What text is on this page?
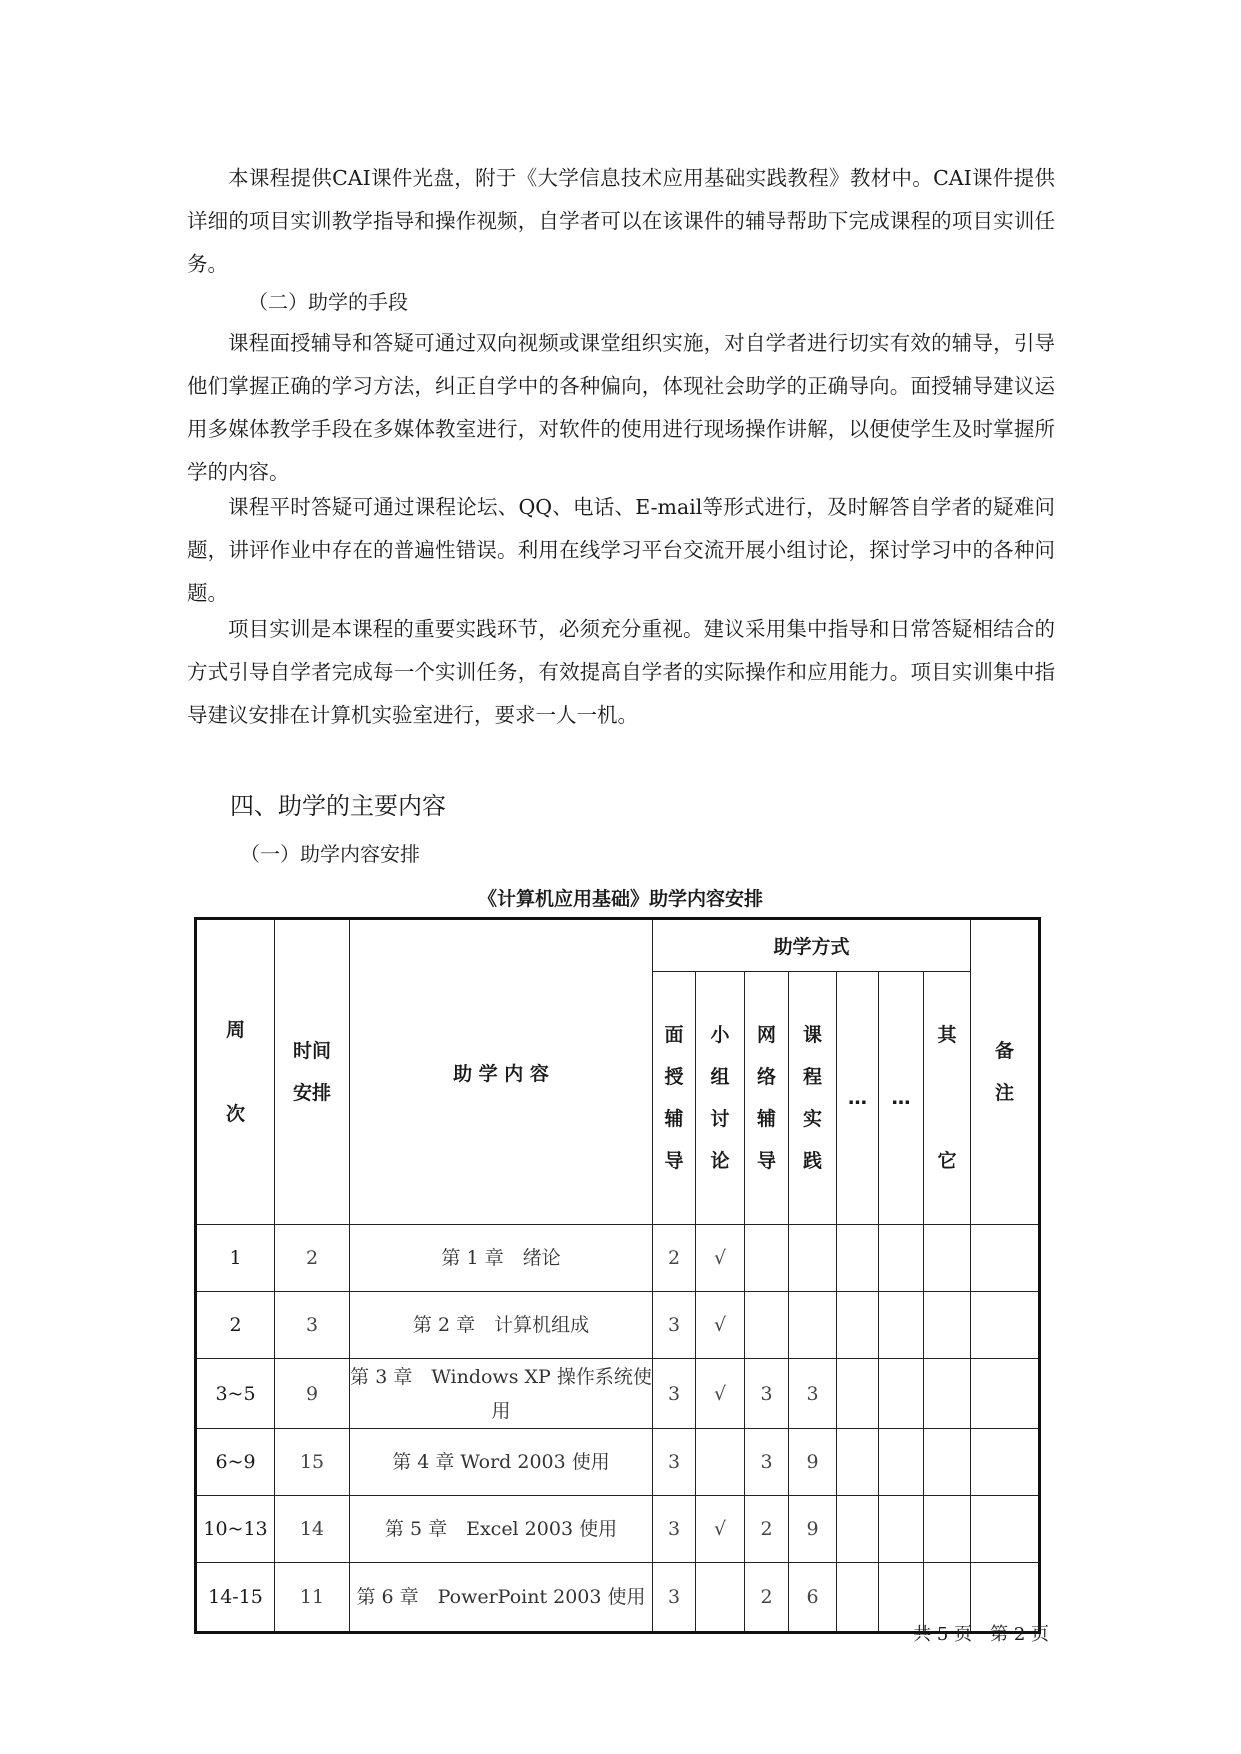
本课程提供CAI课件光盘，附于《大学信息技术应用基础实践教程》教材中。CAI课件提供详细的项目实训教学指导和操作视频，自学者可以在该课件的辅导帮助下完成课程的项目实训任务。

（二）助学的手段

课程面授辅导和答疑可通过双向视频或课堂组织实施，对自学者进行切实有效的辅导，引导他们掌握正确的学习方法，纠正自学中的各种偏向，体现社会助学的正确导向。面授辅导建议运用多媒体教学手段在多媒体教室进行，对软件的使用进行现场操作讲解，以便使学生及时掌握所学的内容。

课程平时答疑可通过课程论坛、QQ、电话、E-mail等形式进行，及时解答自学者的疑难问题，讲评作业中存在的普遍性错误。利用在线学习平台交流开展小组讨论，探讨学习中的各种问题。

项目实训是本课程的重要实践环节，必须充分重视。建议采用集中指导和日常答疑相结合的方式引导自学者完成每一个实训任务，有效提高自学者的实际操作和应用能力。项目实训集中指导建议安排在计算机实验室进行，要求一人一机。

四、助学的主要内容

（一）助学内容安排

《计算机应用基础》助学内容安排

周次	时间安排	助 学 内 容	助学方式							备注
			面授辅导	小组讨论	网络辅导	课程实践	…	…	其它	
1	2	第 1 章　绪论	2	√						
2	3	第 2 章　计算机组成	3	√						
3~5	9	第 3 章　Windows XP 操作系统使用	3	√	3	3				
6~9	15	第 4 章 Word 2003 使用	3		3	9				
10~13	14	第 5 章　Excel 2003 使用	3	√	2	9				
14-15	11	第 6 章　PowerPoint 2003 使用	3		2	6				

共 5 页　第 2 页
